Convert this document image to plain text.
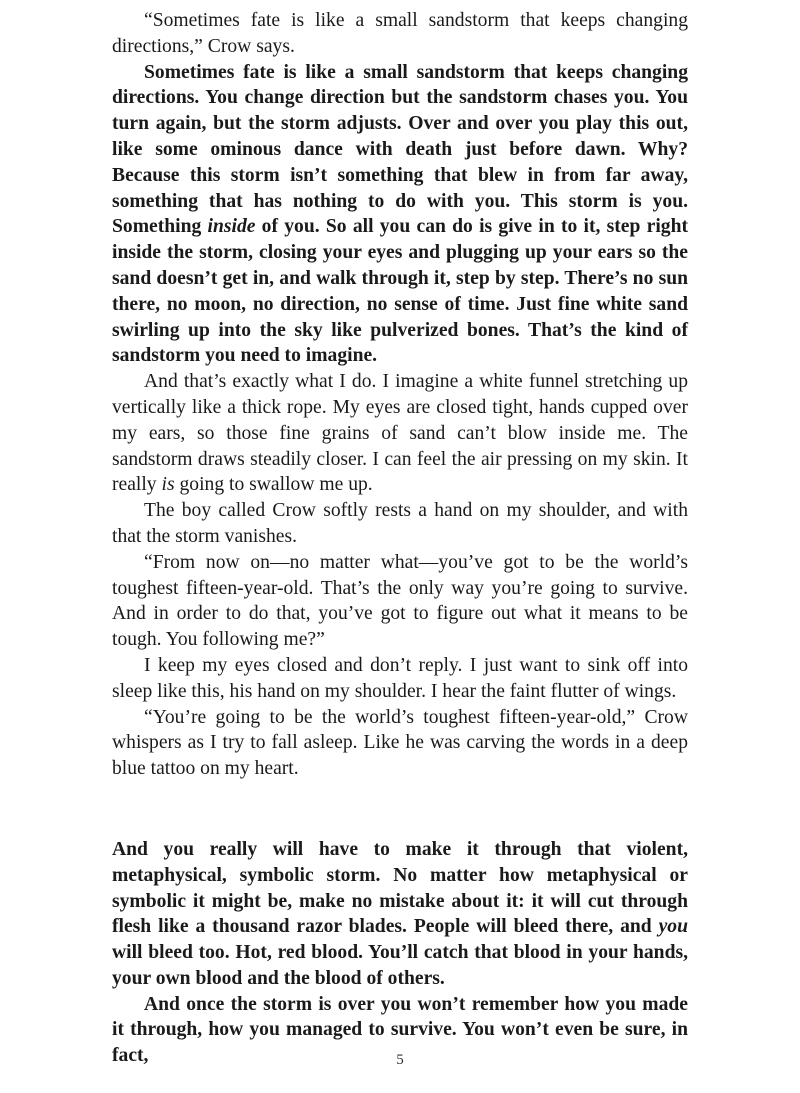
“Sometimes fate is like a small sandstorm that keeps changing directions,” Crow says.

Sometimes fate is like a small sandstorm that keeps changing directions. You change direction but the sandstorm chases you. You turn again, but the storm adjusts. Over and over you play this out, like some ominous dance with death just before dawn. Why? Because this storm isn’t something that blew in from far away, something that has nothing to do with you. This storm is you. Something inside of you. So all you can do is give in to it, step right inside the storm, closing your eyes and plugging up your ears so the sand doesn’t get in, and walk through it, step by step. There’s no sun there, no moon, no direction, no sense of time. Just fine white sand swirling up into the sky like pulverized bones. That’s the kind of sandstorm you need to imagine.

And that’s exactly what I do. I imagine a white funnel stretching up vertically like a thick rope. My eyes are closed tight, hands cupped over my ears, so those fine grains of sand can’t blow inside me. The sandstorm draws steadily closer. I can feel the air pressing on my skin. It really is going to swallow me up.

The boy called Crow softly rests a hand on my shoulder, and with that the storm vanishes.

“From now on—no matter what—you’ve got to be the world’s toughest fifteen-year-old. That’s the only way you’re going to survive. And in order to do that, you’ve got to figure out what it means to be tough. You following me?”

I keep my eyes closed and don’t reply. I just want to sink off into sleep like this, his hand on my shoulder. I hear the faint flutter of wings.

“You’re going to be the world’s toughest fifteen-year-old,” Crow whispers as I try to fall asleep. Like he was carving the words in a deep blue tattoo on my heart.

And you really will have to make it through that violent, metaphysical, symbolic storm. No matter how metaphysical or symbolic it might be, make no mistake about it: it will cut through flesh like a thousand razor blades. People will bleed there, and you will bleed too. Hot, red blood. You’ll catch that blood in your hands, your own blood and the blood of others.

And once the storm is over you won’t remember how you made it through, how you managed to survive. You won’t even be sure, in fact,	5
